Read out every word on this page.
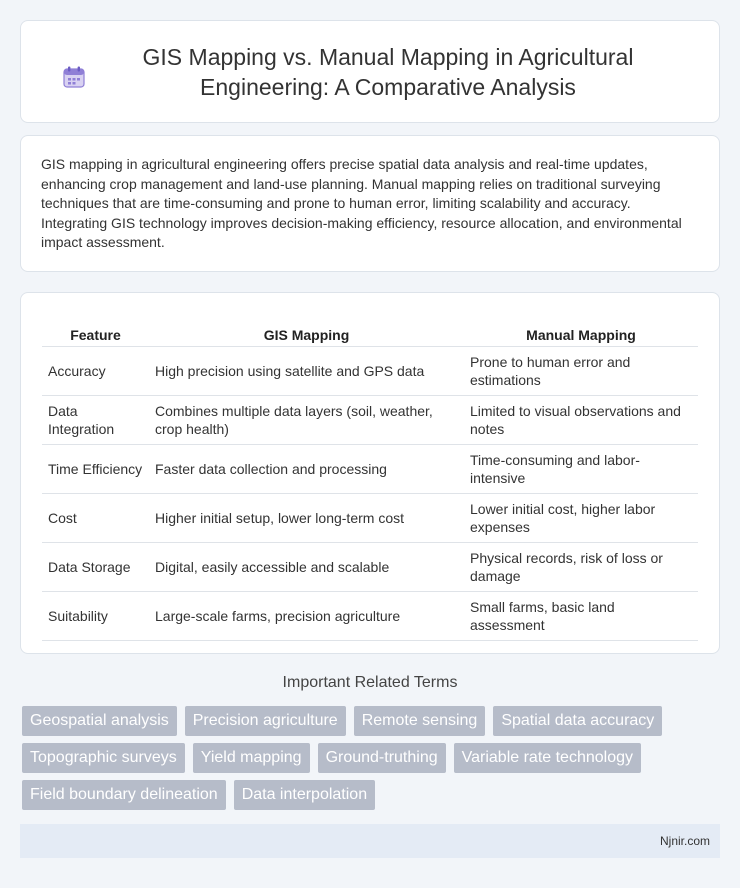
GIS Mapping vs. Manual Mapping in Agricultural Engineering: A Comparative Analysis

GIS mapping in agricultural engineering offers precise spatial data analysis and real-time updates, enhancing crop management and land-use planning. Manual mapping relies on traditional surveying techniques that are time-consuming and prone to human error, limiting scalability and accuracy. Integrating GIS technology improves decision-making efficiency, resource allocation, and environmental impact assessment.

Feature	GIS Mapping	Manual Mapping
Accuracy	High precision using satellite and GPS data	Prone to human error and estimations
Data Integration	Combines multiple data layers (soil, weather, crop health)	Limited to visual observations and notes
Time Efficiency	Faster data collection and processing	Time-consuming and labor-intensive
Cost	Higher initial setup, lower long-term cost	Lower initial cost, higher labor expenses
Data Storage	Digital, easily accessible and scalable	Physical records, risk of loss or damage
Suitability	Large-scale farms, precision agriculture	Small farms, basic land assessment
Important Related Terms
Geospatial analysis	Precision agriculture	Remote sensing	Spatial data accuracy
Topographic surveys	Yield mapping	Ground-truthing	Variable rate technology
Field boundary delineation	Data interpolation
Njnir.com
